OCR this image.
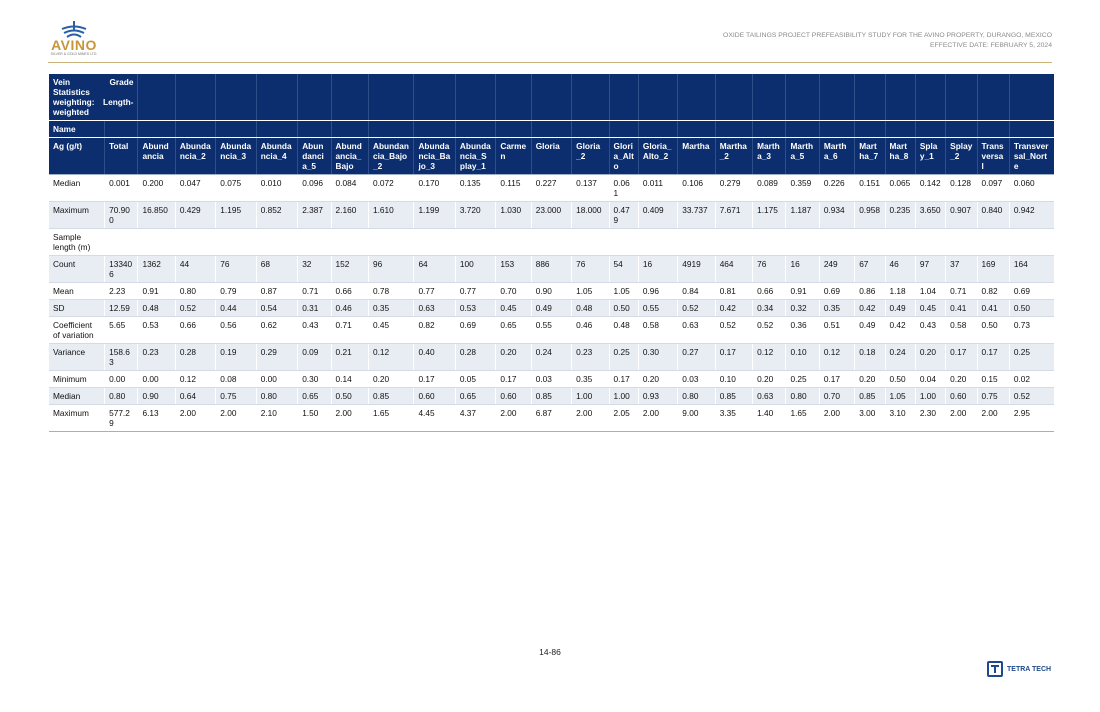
AVINO
SILVER & GOLD MINES LTD.
OXIDE TAILINGS PROJECT PREFEASIBILITY STUDY FOR THE AVINO PROPERTY, DURANGO, MEXICO
EFFECTIVE DATE: FEBRUARY 5, 2024
Vein Grade Statistics weighting: Length-weighted																										
Name																										
Ag (g/t)	Total	Abundancia	Abundancia_2	Abundancia_3	Abundancia_4	Abundancia_5	Abundancia_Bajo	Abundancia_Bajo_2	Abundancia_Bajo_3	Abundancia_Splay_1	Carmen	Gloria	Gloria_2	Gloria_Alto	Gloria_Alto_2	Martha	Martha_2	Martha_3	Martha_5	Martha_6	Martha_7	Martha_8	Splay_1	Splay_2	Transversal	Transversal_Norte
Median	0.001	0.200	0.047	0.075	0.010	0.096	0.084	0.072	0.170	0.135	0.115	0.227	0.137	0.061	0.011	0.106	0.279	0.089	0.359	0.226	0.151	0.065	0.142	0.128	0.097	0.060
Maximum	70.900	16.850	0.429	1.195	0.852	2.387	2.160	1.610	1.199	3.720	1.030	23.000	18.000	0.479	0.409	33.737	7.671	1.175	1.187	0.934	0.958	0.235	3.650	0.907	0.840	0.942
Sample length (m)																										
Count	133406	1362	44	76	68	32	152	96	64	100	153	886	76	54	16	4919	464	76	16	249	67	46	97	37	169	164
Mean	2.23	0.91	0.80	0.79	0.87	0.71	0.66	0.78	0.77	0.77	0.70	0.90	1.05	1.05	0.96	0.84	0.81	0.66	0.91	0.69	0.86	1.18	1.04	0.71	0.82	0.69
SD	12.59	0.48	0.52	0.44	0.54	0.31	0.46	0.35	0.63	0.53	0.45	0.49	0.48	0.50	0.55	0.52	0.42	0.34	0.32	0.35	0.42	0.49	0.45	0.41	0.41	0.50
Coefficient of variation	5.65	0.53	0.66	0.56	0.62	0.43	0.71	0.45	0.82	0.69	0.65	0.55	0.46	0.48	0.58	0.63	0.52	0.52	0.36	0.51	0.49	0.42	0.43	0.58	0.50	0.73
Variance	158.63	0.23	0.28	0.19	0.29	0.09	0.21	0.12	0.40	0.28	0.20	0.24	0.23	0.25	0.30	0.27	0.17	0.12	0.10	0.12	0.18	0.24	0.20	0.17	0.17	0.25
Minimum	0.00	0.00	0.12	0.08	0.00	0.30	0.14	0.20	0.17	0.05	0.17	0.03	0.35	0.17	0.20	0.03	0.10	0.20	0.25	0.17	0.20	0.50	0.04	0.20	0.15	0.02
Median	0.80	0.90	0.64	0.75	0.80	0.65	0.50	0.85	0.60	0.65	0.60	0.85	1.00	1.00	0.93	0.80	0.85	0.63	0.80	0.70	0.85	1.05	1.00	0.60	0.75	0.52
Maximum	577.29	6.13	2.00	2.00	2.10	1.50	2.00	1.65	4.45	4.37	2.00	6.87	2.00	2.05	2.00	9.00	3.35	1.40	1.65	2.00	3.00	3.10	2.30	2.00	2.00	2.95
14-86
TETRA TECH
